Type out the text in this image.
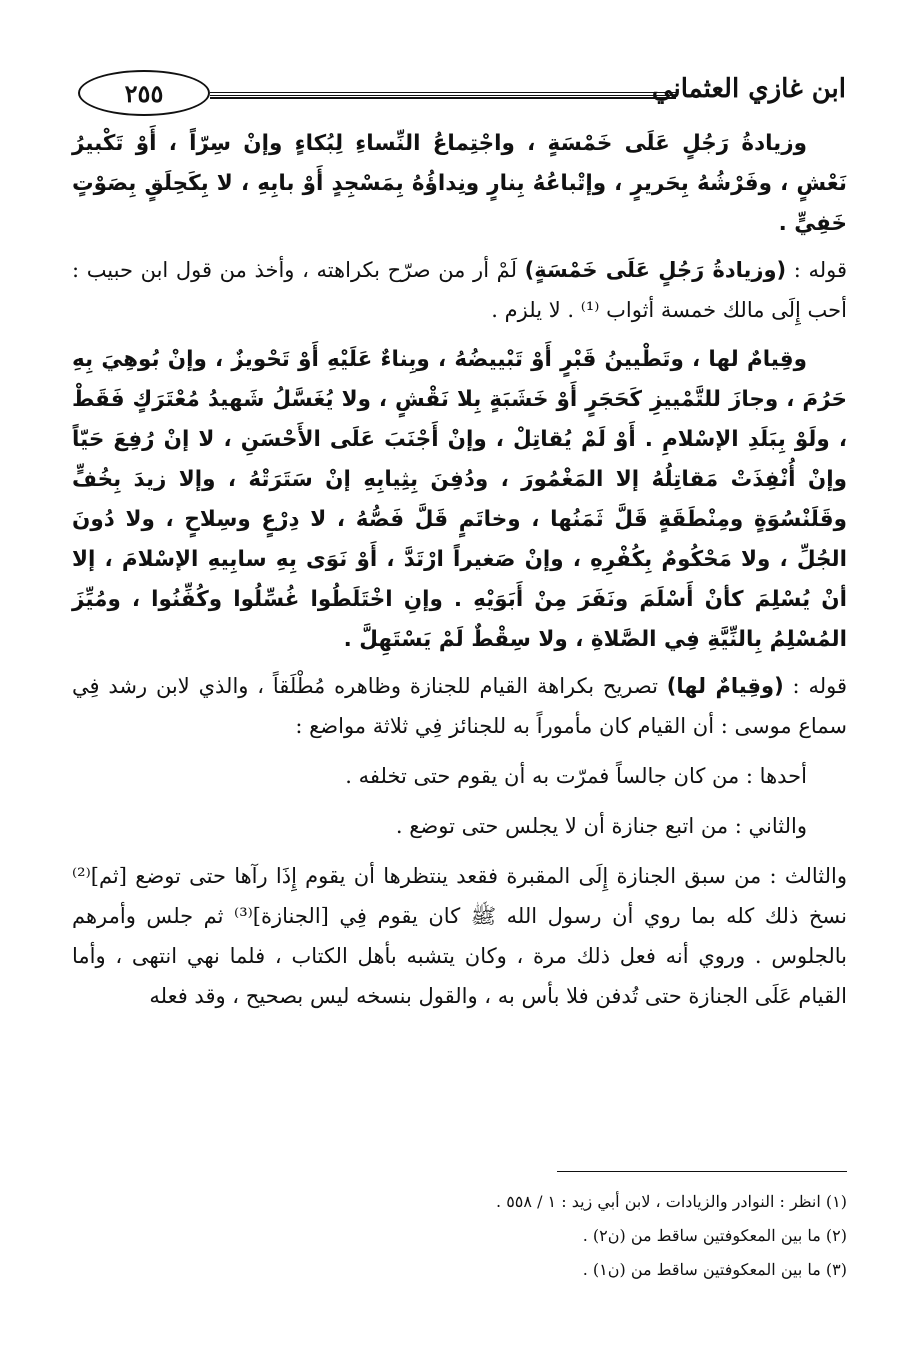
٢٥٥	ابن غازي العثماني

وزيادةُ رَجُلٍ عَلَى خَمْسَةٍ ، واجْتِماعُ النِّساءِ لِبُكاءٍ وإنْ سِرّاً ، أَوْ تَكْبيرُ نَعْشٍ ، وفَرْشُهُ بِحَريرٍ ، وإتْباعُهُ بِنارٍ ونِداؤُهُ بِمَسْجِدٍ أَوْ بابِهِ ، لا بِكَحِلَقٍ بِصَوْتٍ خَفِيٍّ .

قوله : (وزيادةُ رَجُلٍ عَلَى خَمْسَةٍ) لَمْ أر من صرّح بكراهته ، وأخذ من قول ابن حبيب : أحب إِلَى مالك خمسة أثواب ⁽¹⁾ . لا يلزم .

وقِيامٌ لها ، وتَطْيينُ قَبْرٍ أَوْ تَبْييضُهُ ، وبِناءٌ عَلَيْهِ أَوْ تَحْويزٌ ، وإنْ بُوهِيَ بِهِ حَرُمَ ، وجازَ للتَّمْييزِ كَحَجَرٍ أَوْ خَشَبَةٍ بِلا نَقْشٍ ، ولا يُغَسَّلُ شَهيدُ مُعْتَرَكٍ فَقَطْ ، ولَوْ بِبَلَدِ الإسْلامِ . أَوْ لَمْ يُقاتِلْ ، وإنْ أَجْنَبَ عَلَى الأَحْسَنِ ، لا إنْ رُفِعَ حَيّاً وإنْ أُنْفِذَتْ مَقاتِلُهُ إلا المَغْمُورَ ، ودُفِنَ بِثِيابِهِ إنْ سَتَرَتْهُ ، وإلا زيدَ بِخُفٍّ وقَلَنْسُوَةٍ ومِنْطَقَةٍ قَلَّ ثَمَنُها ، وخاتَمٍ قَلَّ فَصُّهُ ، لا دِرْعٍ وسِلاحٍ ، ولا دُونَ الجُلِّ ، ولا مَحْكُومٌ بِكُفْرِهِ ، وإنْ صَغيراً ارْتَدَّ ، أَوْ نَوَى بِهِ سابِيهِ الإسْلامَ ، إلا أنْ يُسْلِمَ كأنْ أَسْلَمَ ونَفَرَ مِنْ أَبَوَيْهِ . وإنِ اخْتَلَطُوا غُسِّلُوا وكُفِّنُوا ، ومُيِّزَ المُسْلِمُ بِالنِّيَّةِ فِي الصَّلاةِ ، ولا سِقْطٌ لَمْ يَسْتَهِلَّ .

قوله : (وقِيامٌ لها) تصريح بكراهة القيام للجنازة وظاهره مُطْلَقاً ، والذي لابن رشد فِي سماع موسى : أن القيام كان مأموراً به للجنائز فِي ثلاثة مواضع :

أحدها : من كان جالساً فمرّت به أن يقوم حتى تخلفه .

والثاني : من اتبع جنازة أن لا يجلس حتى توضع .

والثالث : من سبق الجنازة إِلَى المقبرة فقعد ينتظرها أن يقوم إِذَا رآها حتى توضع [ثم]⁽²⁾ نسخ ذلك كله بما روي أن رسول الله ﷺ كان يقوم فِي [الجنازة]⁽³⁾ ثم جلس وأمرهم بالجلوس . وروي أنه فعل ذلك مرة ، وكان يتشبه بأهل الكتاب ، فلما نهي انتهى ، وأما القيام عَلَى الجنازة حتى تُدفن فلا بأس به ، والقول بنسخه ليس بصحيح ، وقد فعله

(١) انظر : النوادر والزيادات ، لابن أبي زيد : ١ / ٥٥٨ .

(٢) ما بين المعكوفتين ساقط من (ن٢) .

(٣) ما بين المعكوفتين ساقط من (ن١) .
